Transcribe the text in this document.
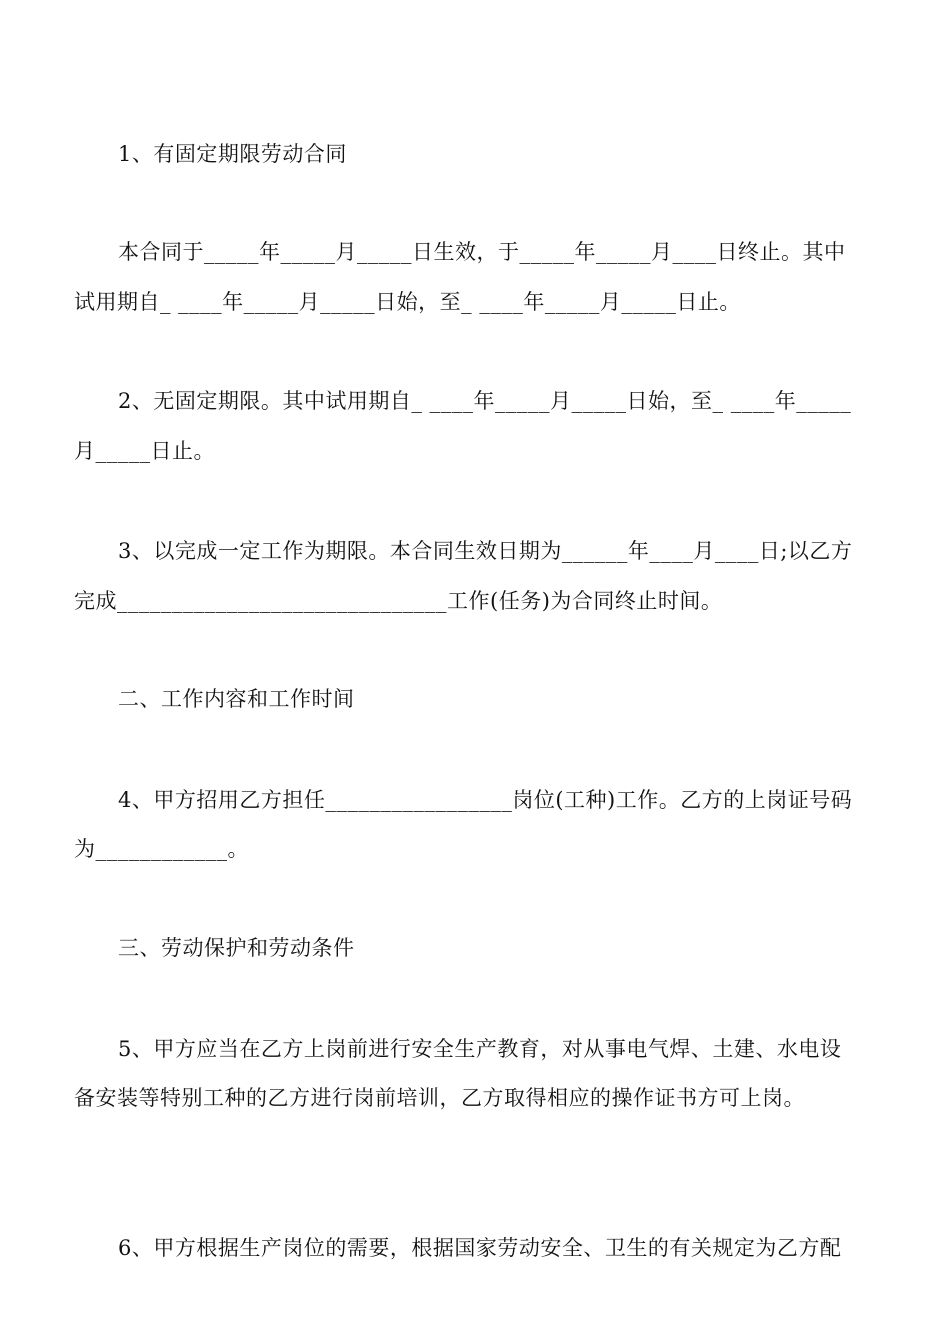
1、有固定期限劳动合同
本合同于_____年_____月_____日生效，于_____年_____月____日终止。其中
试用期自_ ____年_____月_____日始，至_ ____年_____月_____日止。
2、无固定期限。其中试用期自_ ____年_____月_____日始，至_ ____年_____
月_____日止。
3、以完成一定工作为期限。本合同生效日期为______年____月____日;以乙方
完成______________________________工作(任务)为合同终止时间。
二、工作内容和工作时间
4、甲方招用乙方担任_________________岗位(工种)工作。乙方的上岗证号码
为____________。
三、劳动保护和劳动条件
5、甲方应当在乙方上岗前进行安全生产教育，对从事电气焊、土建、水电设
备安装等特别工种的乙方进行岗前培训，乙方取得相应的操作证书方可上岗。
6、甲方根据生产岗位的需要，根据国家劳动安全、卫生的有关规定为乙方配
